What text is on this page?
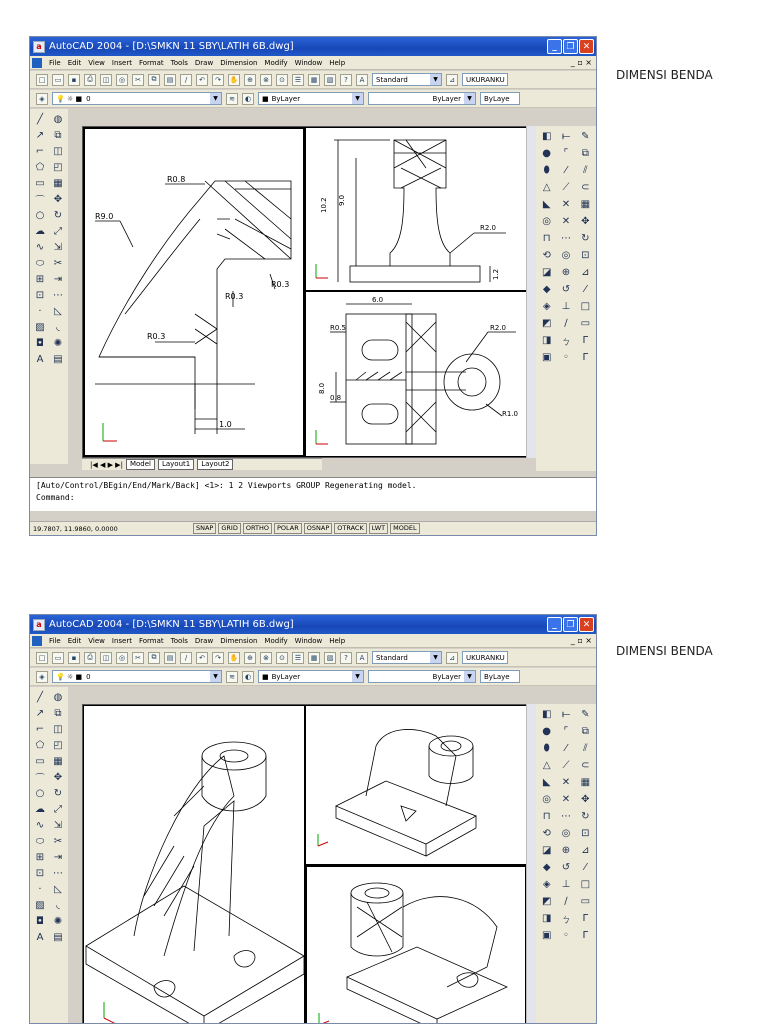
a AutoCAD 2004 - [D:\SMKN 11 SBY\LATIH 6B.dwg]	_	❐ ✕
File Edit View Insert Format Tools Draw Dimension Modify Window Help	_ ▫ ×
□	▭	▪	⎙	◫	◎	✂	⧉	▤	/	↶	↷	✋	⊕	⊗	⊙	☰	▦	▧	?	A	Standard	▼	⊿	UKURANKU
◈	💡 ☼ ■ 0	▼	≋	◐	■ ByLayer	▼	ByLayer	▼	ByLaye
╱	◍
↗	⧉
⌐ ◫
⬠ ◰
▭ ▦
⌒ ✥
○ ↻
☁ ⤢
∿ ⇲
⬭ ✂
⊞ ⇥
⊡ ⋯
·	◺
▨	◟
◘ ✺
A ▤
R0.8
R9.0
R0.3
R0.3
R0.3
1.0
10.2 9.0
R2.0
1.2
6.0
R0.5
8.0
0.8
R2.0
R1.0
◧	⟝	✎
●	⌜	⧉
⬮	⁄	⫽
△	⟋	⊂
◣	✕	▦
◎	✕	✥
⊓	⋯	↻
⟲	◎	⊡
◪	⊕	⊿
◆	↺	⁄
◈	⊥	□
◩	∕	▭
◨ ㄅ	Γ
▣	◦	Γ
|◀ ◀ ▶ ▶|	Model	Layout1	Layout2
[Auto/Control/BEgin/End/Mark/Back] <1>: 1 2 Viewports GROUP Regenerating model.
Command:
19.7807, 11.9860, 0.0000	SNAP	GRID	ORTHO	POLAR	OSNAP	OTRACK	LWT	MODEL
DIMENSI BENDA
a AutoCAD 2004 - [D:\SMKN 11 SBY\LATIH 6B.dwg]	_	❐ ✕
File Edit View Insert Format Tools Draw Dimension Modify Window Help	_ ▫ ×
□	▭	▪	⎙	◫	◎	✂	⧉	▤	/	↶	↷	✋	⊕	⊗	⊙	☰	▦	▧	?	A	Standard	▼	⊿	UKURANKU
◈	💡 ☼ ■ 0	▼	≋	◐	■ ByLayer	▼	ByLayer	▼	ByLaye
╱	◍
↗	⧉
⌐ ◫
⬠ ◰
▭ ▦
⌒ ✥
○ ↻
☁ ⤢
∿ ⇲
⬭ ✂
⊞ ⇥
⊡ ⋯
·	◺
▨	◟
◘ ✺
A ▤
◧	⟝	✎
●	⌜	⧉
⬮	⁄	⫽
△	⟋	⊂
◣	✕	▦
◎	✕	✥
⊓	⋯	↻
⟲	◎	⊡
◪	⊕	⊿
◆	↺	⁄
◈	⊥	□
◩	∕	▭
◨ ㄅ	Γ
▣	◦	Γ
DIMENSI BENDA
